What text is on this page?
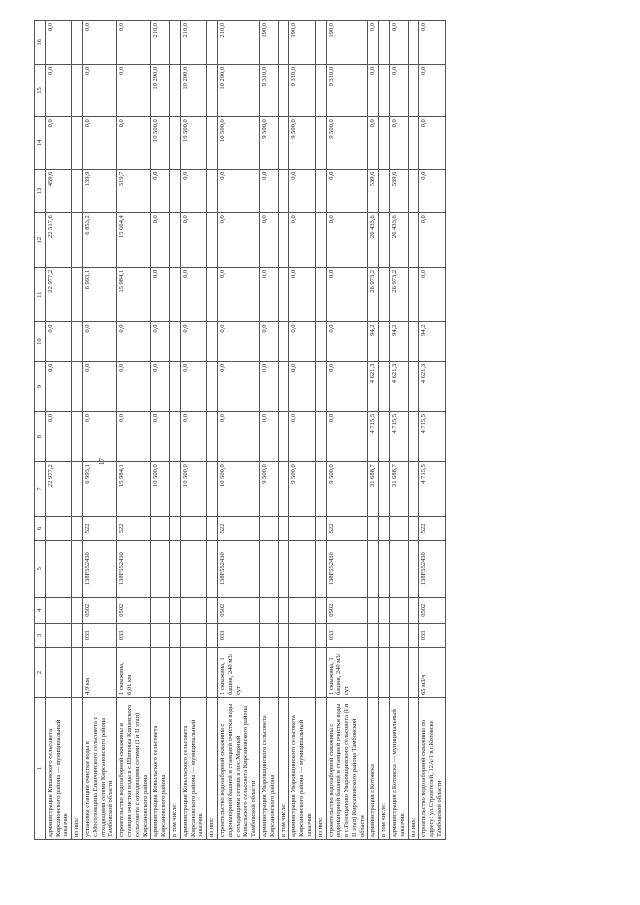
17
1	2	3	4	5	6	7	8	9	10	11	12	13	14	15	16
администрация Кипанского сельсовета Кирсановского района — муниципальный заказчик						22 977,2	0,0	0,0	0,0	22 977,2	22 517,6	459,6	0,0	0,0	0,0
из них:															
установка станции очистки воды в с.Мосоловщина Епанчинского сельсовета с отходящими сетями Кирсановского района Тамбовской области	4,9 км	033	0502	138F552430	522	6 993,1	0,0	0,0	0,0	6 993,1	6 853,2	139,9	0,0	0,0	0,0
строительство водозаборной скважины и станции очистки воды в с.Шиповка Кипанского сельсовета с отходящими сетями (I и II этап) Кирсановского района	1 скважина, 6,01 км	033	0502	138F552430	522	15 984,1	0,0	0,0	0,0	15 984,1	15 664,4	319,7	0,0	0,0	0,0
администрация Ковыльского сельсовета Кирсановского района						10 500,0	0,0	0,0	0,0	0,0	0,0	0,0	10 500,0	10 290,0	210,0
в том числе:															
администрация Ковыльского сельсовета Кирсановского района — муниципальный заказчик						10 500,0	0,0	0,0	0,0	0,0	0,0	0,0	10 500,0	10 290,0	210,0
из них:															
строительство водозаборной скважины с водонапорной башней и станцией очистки воды с отходящими сетями в пос.Мирный Ковыльского сельсовета Кирсановского района Тамбовской области	1 скважина, 1 башня, 240 м3/сут	033	0502	138F552430	522	10 500,0	0,0	0,0	0,0	0,0	0,0	0,0	10 500,0	10 290,0	210,0
администрация Уваровщинского сельсовета Кирсановского района						9 500,0	0,0	0,0	0,0	0,0	0,0	0,0	9 500,0	9 310,0	190,0
в том числе:															
администрация Уваровщинского сельсовета Кирсановского района — муниципальный заказчик						9 500,0	0,0	0,0	0,0	0,0	0,0	0,0	9 500,0	9 310,0	190,0
из них:															
строительство водозаборной скважины с водонапорной башней и станцией очистки воды в с.Голощапово Уваровщинского сельсовета (I и II этап) Кирсановского района Тамбовской области	1 скважина, 1 башня, 240 м3/сут	033	0502	138F552430	522	9 500,0	0,0	0,0	0,0	0,0	0,0	0,0	9 500,0	9 310,0	190,0
администрация г.Котовска						31 688,7	4 715,5	4 621,3	94,2	26 973,2	26 433,6	539,6	0,0	0,0	0,0
в том числе:															
администрация г.Котовска — муниципальный заказчик						31 688,7	4 715,5	4 621,3	94,2	26 973,2	26 433,6	539,6	0,0	0,0	0,0
из них:															
строительство водозаборной скважины по адресу: ул.Строителей, 12А/1 в г.Котовске Тамбовской области	65 м3/ч	033	0502	138F552430	522	4 715,5	4 715,5	4 621,3	94,2	0,0	0,0	0,0	0,0	0,0	0,0
